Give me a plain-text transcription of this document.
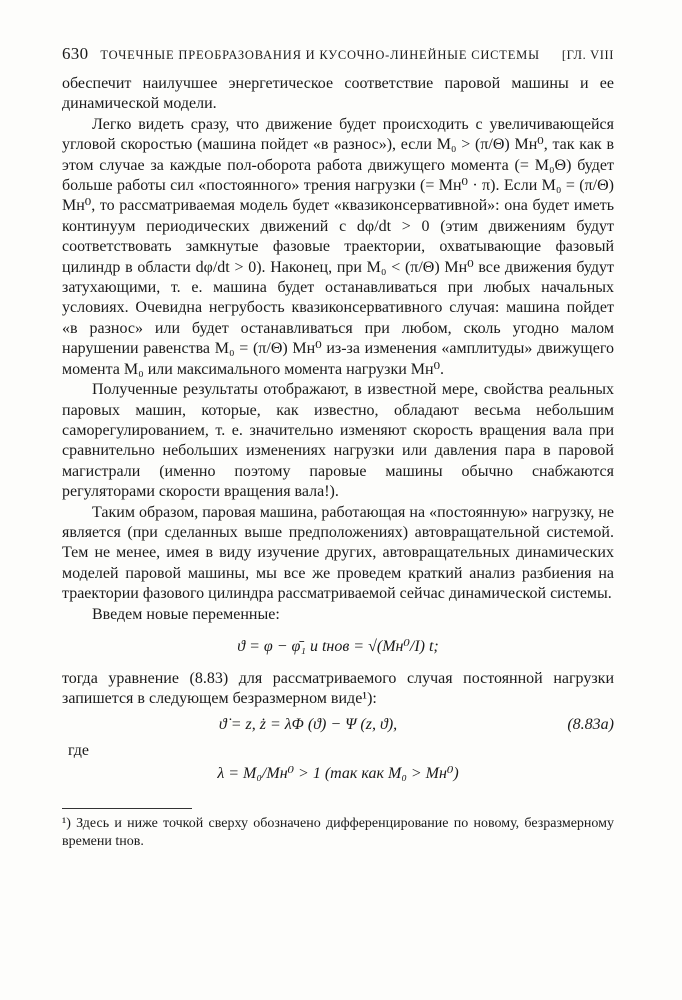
630 ТОЧЕЧНЫЕ ПРЕОБРАЗОВАНИЯ И КУСОЧНО-ЛИНЕЙНЫЕ СИСТЕМЫ	[ГЛ. VIII

обеспечит наилучшее энергетическое соответствие паровой машины и ее динамической модели.

Легко видеть сразу, что движение будет происходить с увеличивающейся угловой скоростью (машина пойдет «в разнос»), если M₀ > (π/Θ) Mн⁰, так как в этом случае за каждые пол-оборота работа движущего момента (= M₀Θ) будет больше работы сил «постоянного» трения нагрузки (= Mн⁰ · π). Если M₀ = (π/Θ) Mн⁰, то рассматриваемая модель будет «квазиконсервативной»: она будет иметь континуум периодических движений с dφ/dt > 0 (этим движениям будут соответствовать замкнутые фазовые траектории, охватывающие фазовый цилиндр в области dφ/dt > 0). Наконец, при M₀ < (π/Θ) Mн⁰ все движения будут затухающими, т. е. машина будет останавливаться при любых начальных условиях. Очевидна негрубость квазиконсервативного случая: машина пойдет «в разнос» или будет останавливаться при любом, сколь угодно малом нарушении равенства M₀ = (π/Θ) Mн⁰ из-за изменения «амплитуды» движущего момента M₀ или максимального момента нагрузки Mн⁰.

Полученные результаты отображают, в известной мере, свойства реальных паровых машин, которые, как известно, обладают весьма небольшим саморегулированием, т. е. значительно изменяют скорость вращения вала при сравнительно небольших изменениях нагрузки или давления пара в паровой магистрали (именно поэтому паровые машины обычно снабжаются регуляторами скорости вращения вала!).

Таким образом, паровая машина, работающая на «постоянную» нагрузку, не является (при сделанных выше предположениях) автовращательной системой. Тем не менее, имея в виду изучение других, автовращательных динамических моделей паровой машины, мы все же проведем краткий анализ разбиения на траектории фазового цилиндра рассматриваемой сейчас динамической системы.

Введем новые переменные:

ϑ = φ − φ̄₁ и tнов = √(Mн⁰/I) t;

тогда уравнение (8.83) для рассматриваемого случая постоянной нагрузки запишется в следующем безразмерном виде¹):

ϑ̇ = z, ż = λΦ (ϑ) − Ψ (z, ϑ),	(8.83a)
где
λ = M₀/Mн⁰ > 1 (так как M₀ > Mн⁰)
¹) Здесь и ниже точкой сверху обозначено дифференцирование по новому, безразмерному времени tнов.
